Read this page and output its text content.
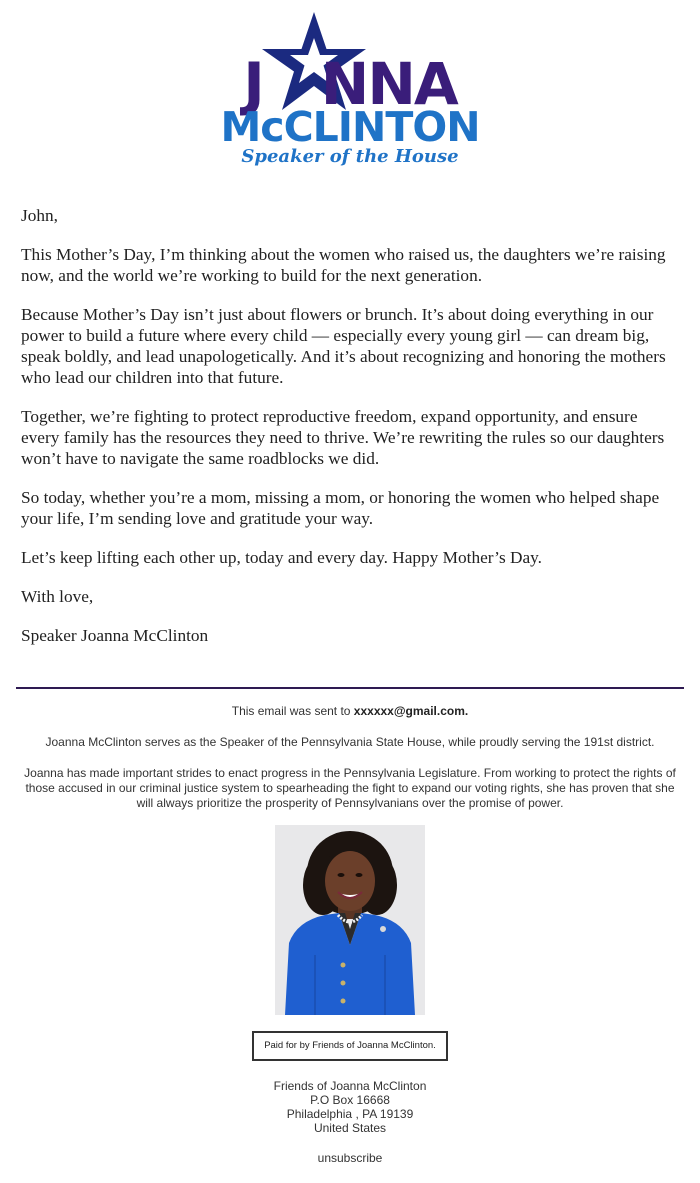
J NNA
McCLINTON
Speaker of the House

John,

This Mother’s Day, I’m thinking about the women who raised us, the daughters we’re raising now, and the world we’re working to build for the next generation.

Because Mother’s Day isn’t just about flowers or brunch. It’s about doing everything in our power to build a future where every child — especially every young girl — can dream big, speak boldly, and lead unapologetically. And it’s about recognizing and honoring the mothers who lead our children into that future.

Together, we’re fighting to protect reproductive freedom, expand opportunity, and ensure every family has the resources they need to thrive. We’re rewriting the rules so our daughters won’t have to navigate the same roadblocks we did.

So today, whether you’re a mom, missing a mom, or honoring the women who helped shape your life, I’m sending love and gratitude your way.

Let’s keep lifting each other up, today and every day. Happy Mother’s Day.

With love,

Speaker Joanna McClinton

This email was sent to xxxxxx@gmail.com.

Joanna McClinton serves as the Speaker of the Pennsylvania State House, while proudly serving the 191st district.

Joanna has made important strides to enact progress in the Pennsylvania Legislature. From working to protect the rights of those accused in our criminal justice system to spearheading the fight to expand our voting rights, she has proven that she will always prioritize the prosperity of Pennsylvanians over the promise of power.

Paid for by Friends of Joanna McClinton.

Friends of Joanna McClinton

P.O Box 16668

Philadelphia , PA 19139

United States

unsubscribe
